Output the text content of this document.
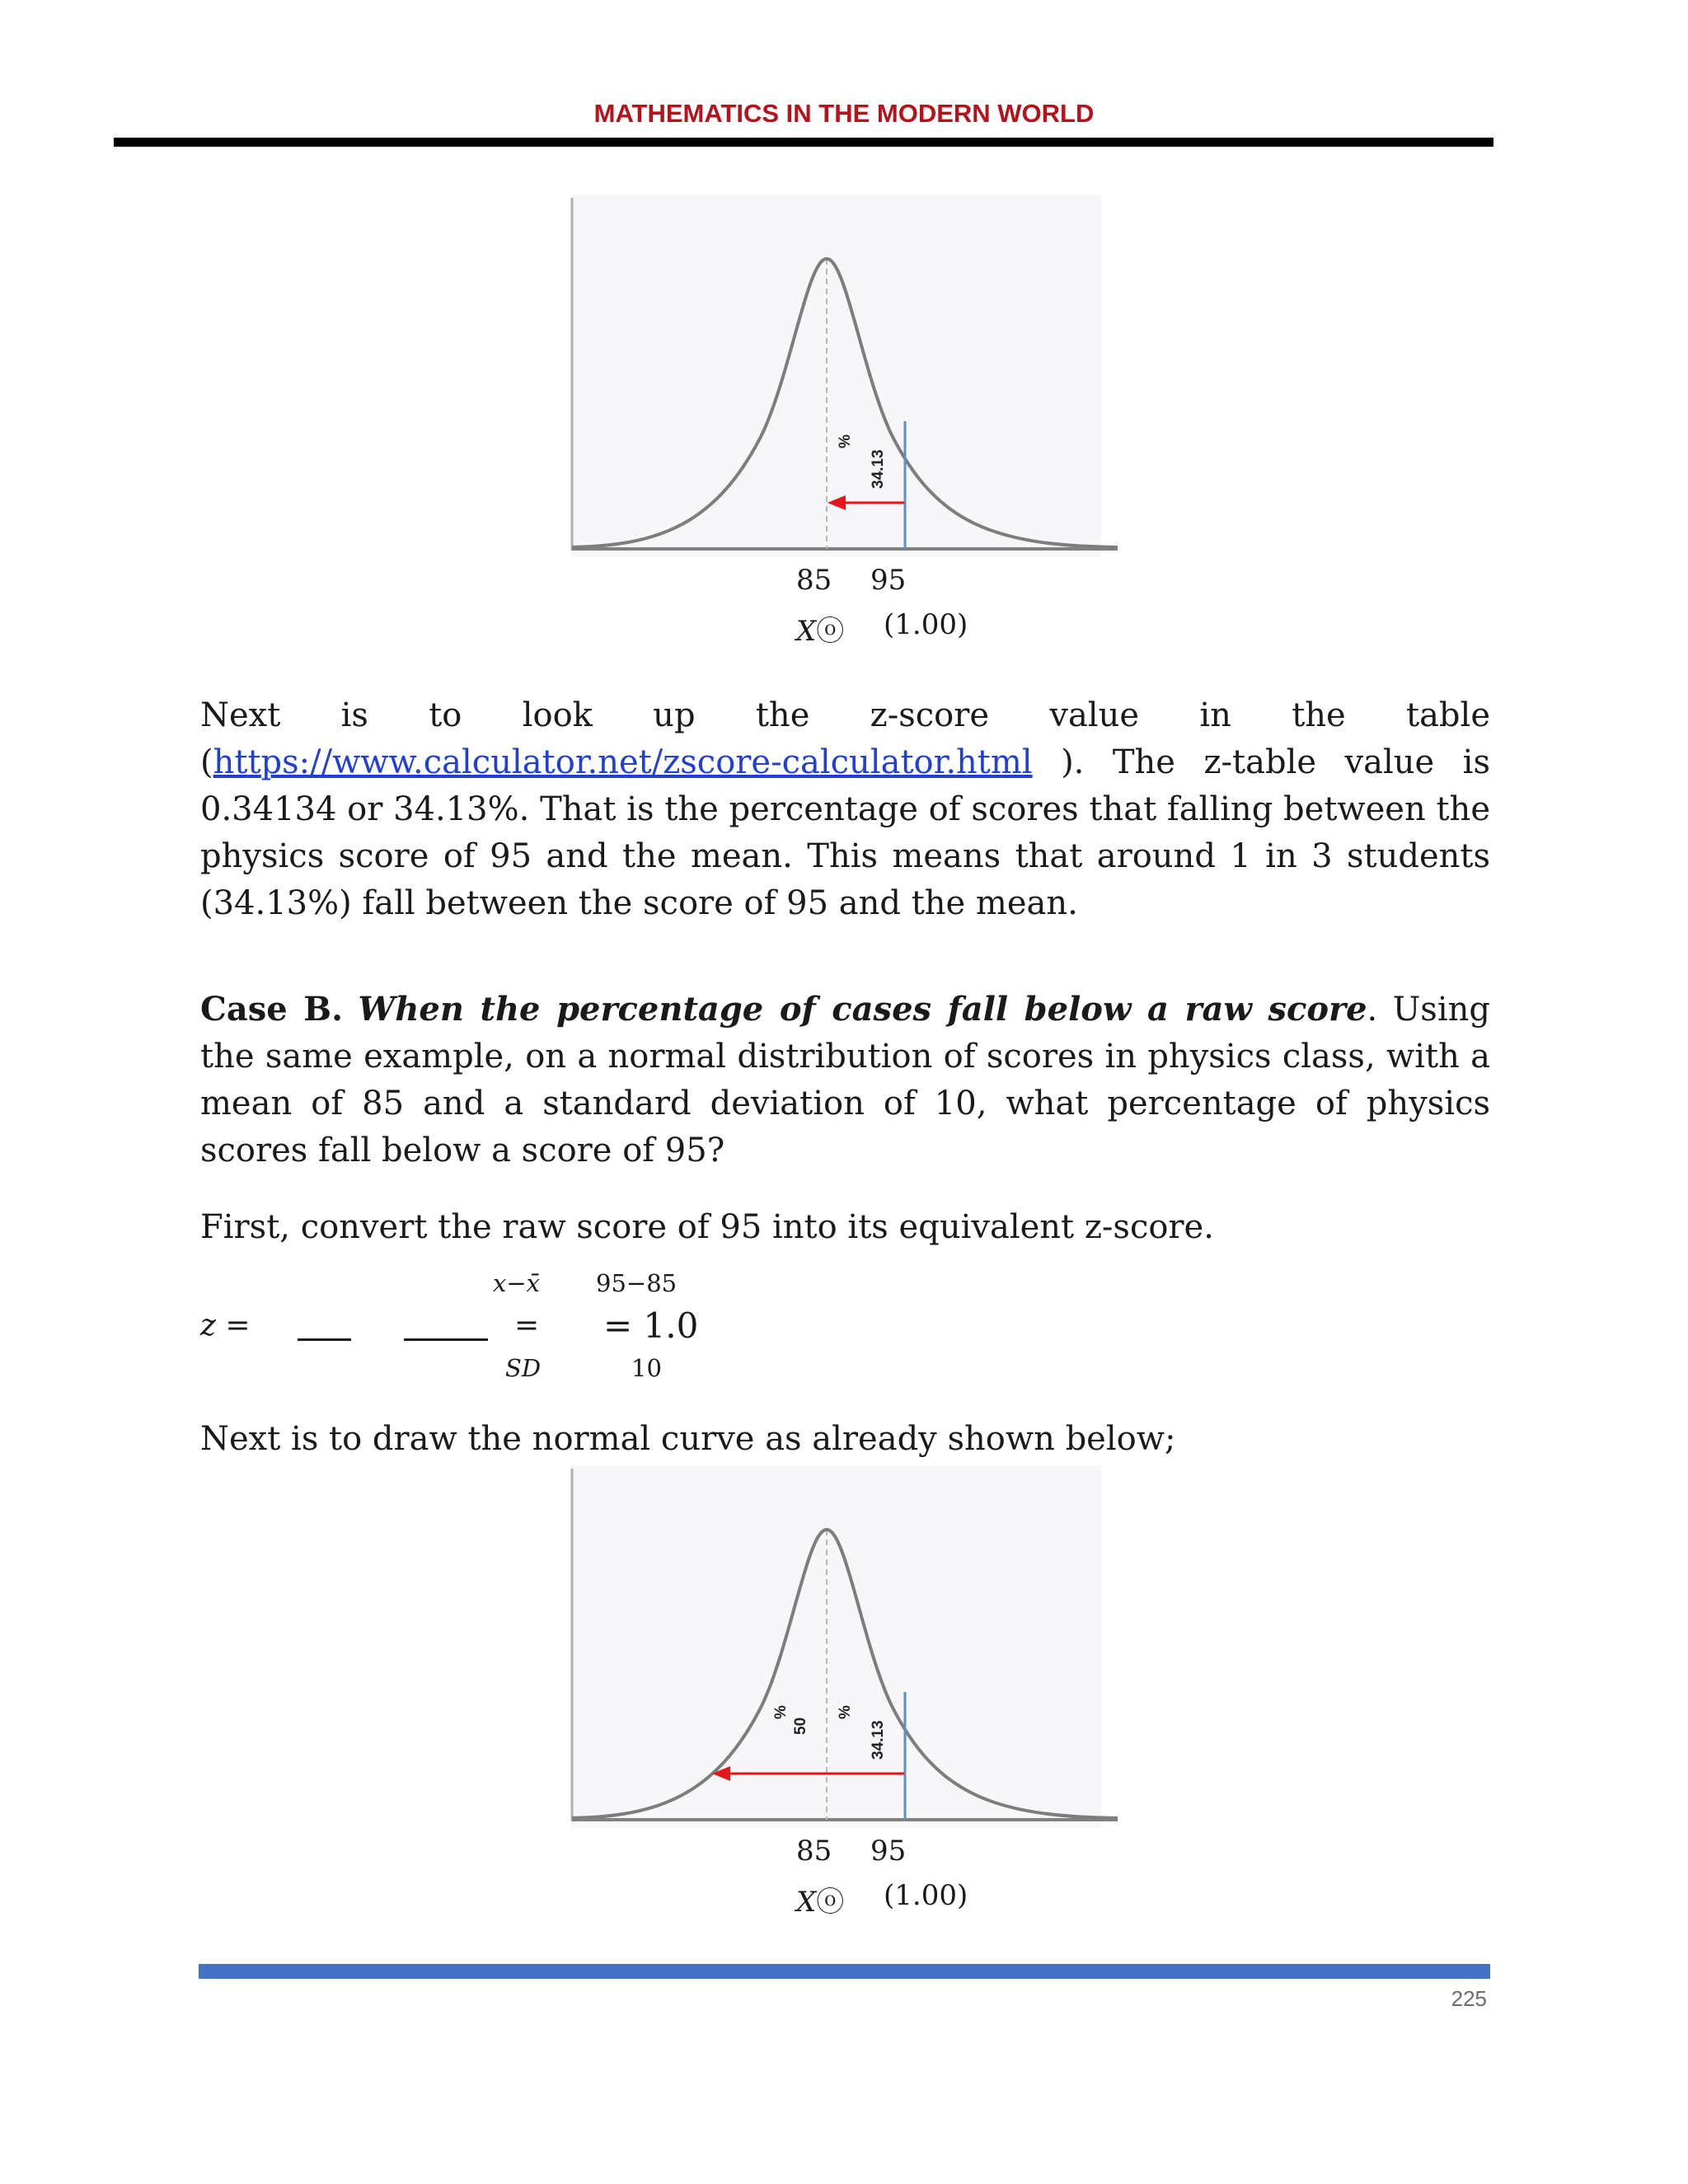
MATHEMATICS IN THE MODERN WORLD
%
34.13
85 95
Xⓞ (1.00)

Next is to look up the z-score value in the table (https://www.calculator.net/zscore-calculator.html ). The z-table value is 0.34134 or 34.13%. That is the percentage of scores that falling between the physics score of 95 and the mean. This means that around 1 in 3 students (34.13%) fall between the score of 95 and the mean.

Case B. When the percentage of cases fall below a raw score. Using the same example, on a normal distribution of scores in physics class, with a mean of 85 and a standard deviation of 10, what percentage of physics scores fall below a score of 95?

First, convert the raw score of 95 into its equivalent z-score.

z =
x−x̄
=
SD
95−85
= 1.0
10

Next is to draw the normal curve as already shown below;

%
50
%
34.13
85 95
Xⓞ (1.00)
225
